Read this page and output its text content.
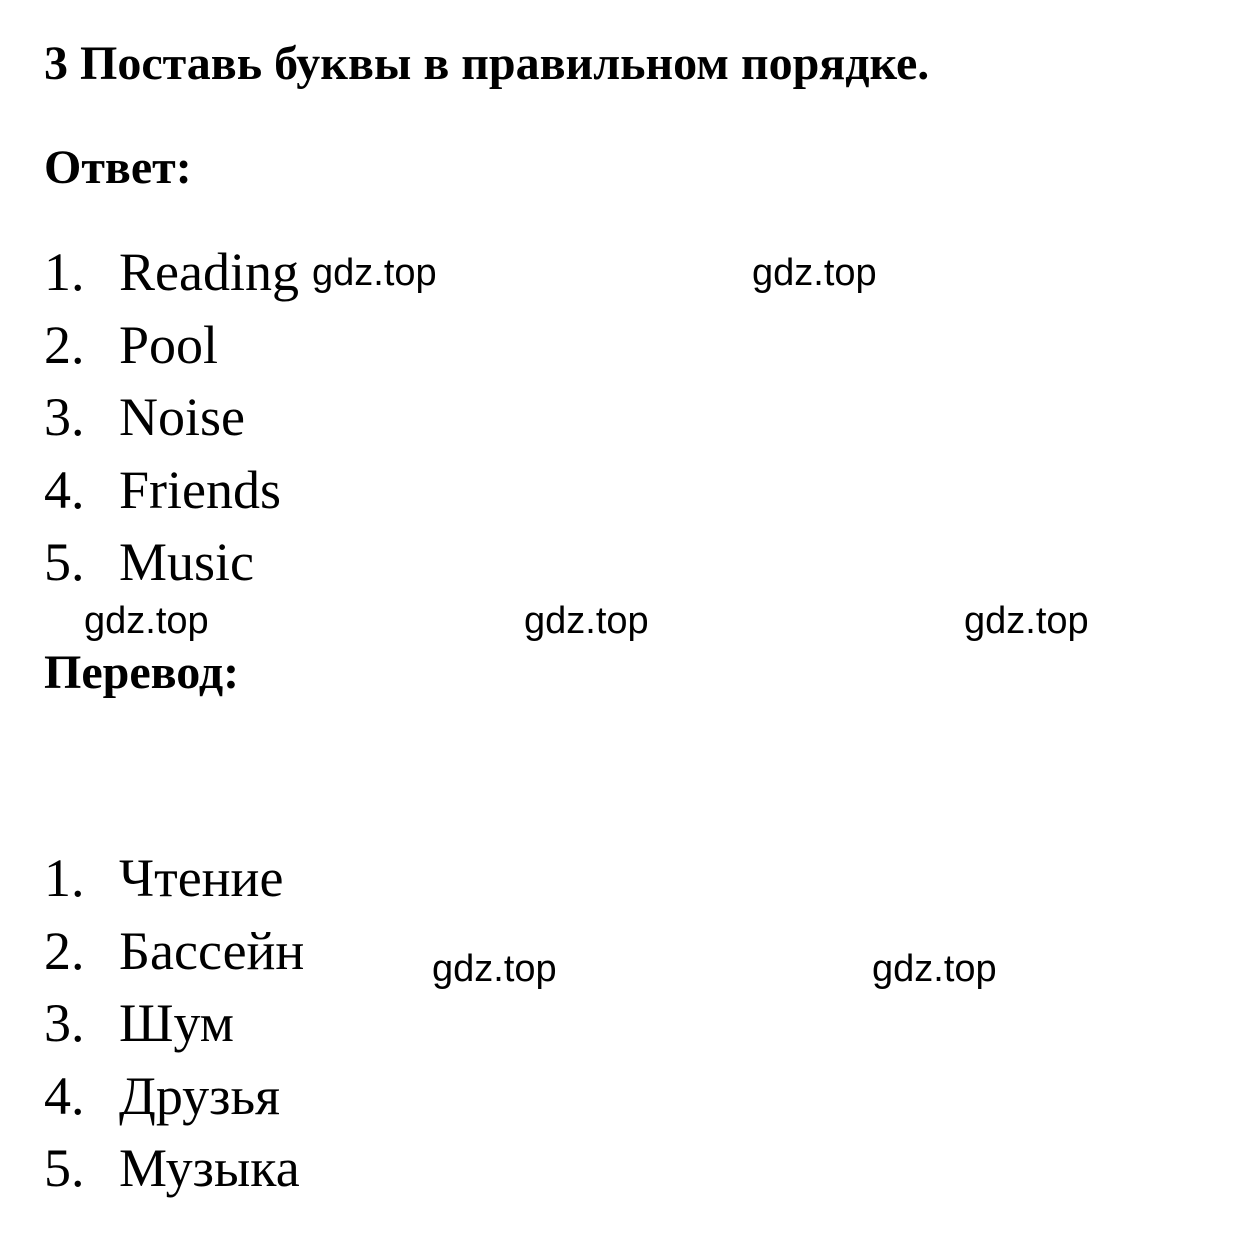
3 Поставь буквы в правильном порядке.
Ответ:
1. Reading
2. Pool
3. Noise
4. Friends
5. Music
Перевод:
1. Чтение
2. Бассейн
3. Шум
4. Друзья
5. Музыка
gdz.top	gdz.top
gdz.top	gdz.top	gdz.top
gdz.top	gdz.top
